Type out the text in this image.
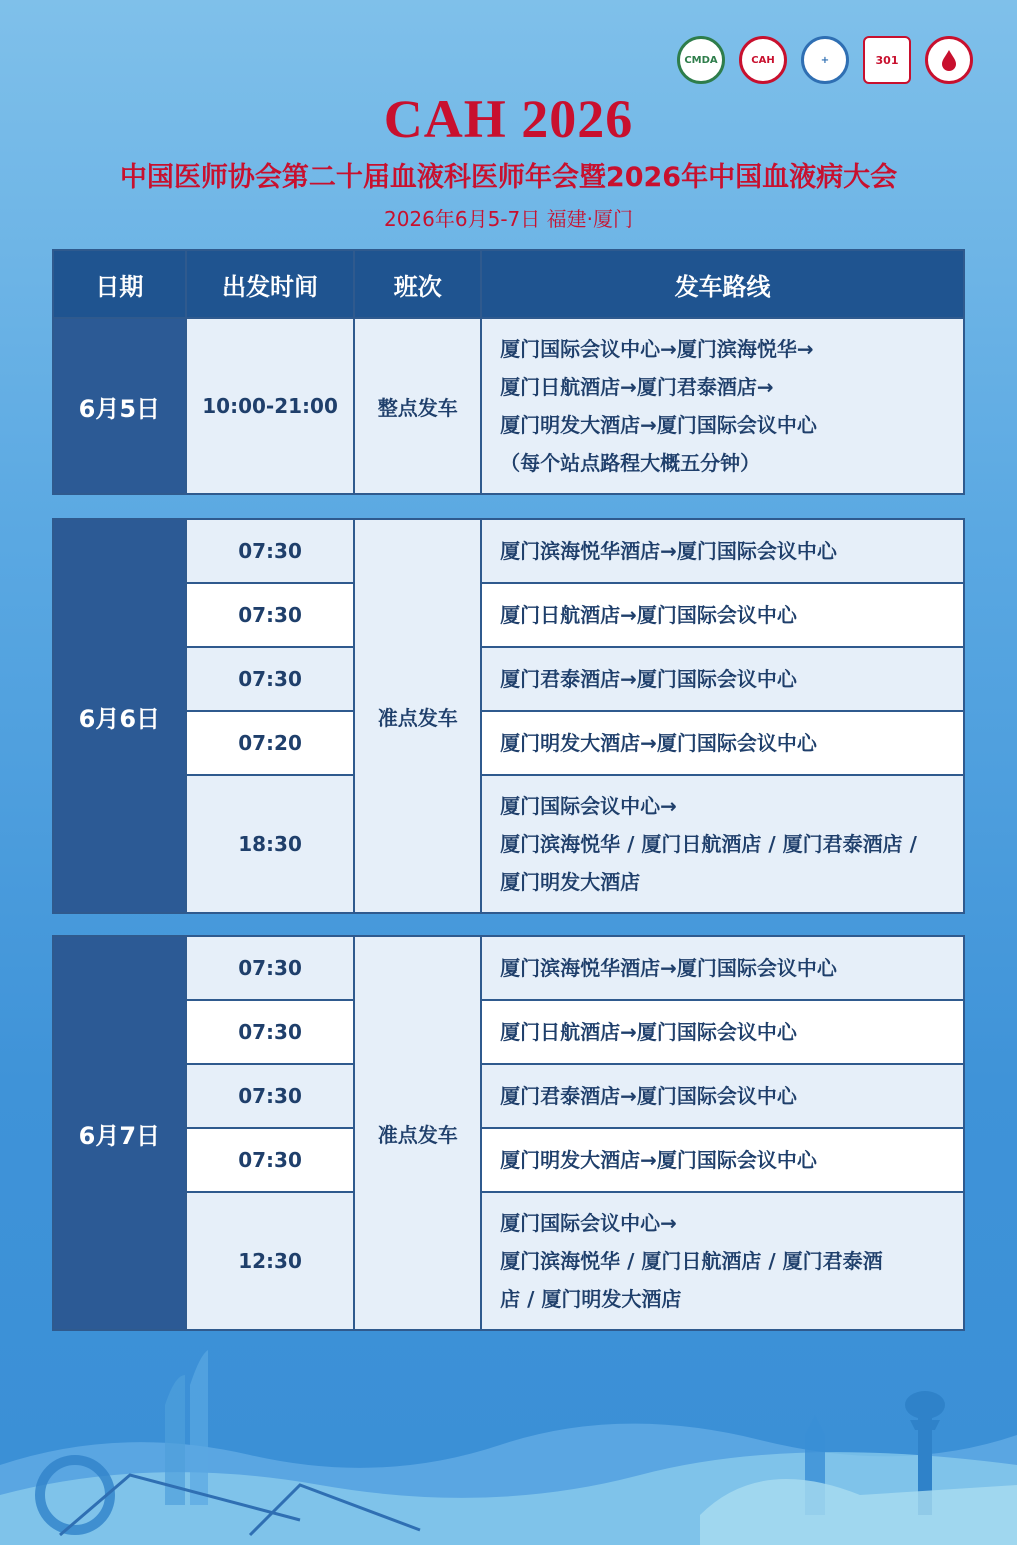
CMDA	CAH	+	301
CAH 2026
中国医师协会第二十届血液科医师年会暨2026年中国血液病大会
2026年6月5-7日 福建·厦门
日期	出发时间	班次	发车路线
6月5日	10:00-21:00	整点发车	厦门国际会议中心→厦门滨海悦华→
厦门日航酒店→厦门君泰酒店→
厦门明发大酒店→厦门国际会议中心
（每个站点路程大概五分钟）
6月6日	07:30	准点发车	厦门滨海悦华酒店→厦门国际会议中心
	07:30		厦门日航酒店→厦门国际会议中心
	07:30		厦门君泰酒店→厦门国际会议中心
	07:20		厦门明发大酒店→厦门国际会议中心
	18:30		厦门国际会议中心→
厦门滨海悦华 / 厦门日航酒店 / 厦门君泰酒店 /
厦门明发大酒店
6月7日	07:30	准点发车	厦门滨海悦华酒店→厦门国际会议中心
	07:30		厦门日航酒店→厦门国际会议中心
	07:30		厦门君泰酒店→厦门国际会议中心
	07:30		厦门明发大酒店→厦门国际会议中心
	12:30		厦门国际会议中心→
厦门滨海悦华 / 厦门日航酒店 / 厦门君泰酒
店 / 厦门明发大酒店
